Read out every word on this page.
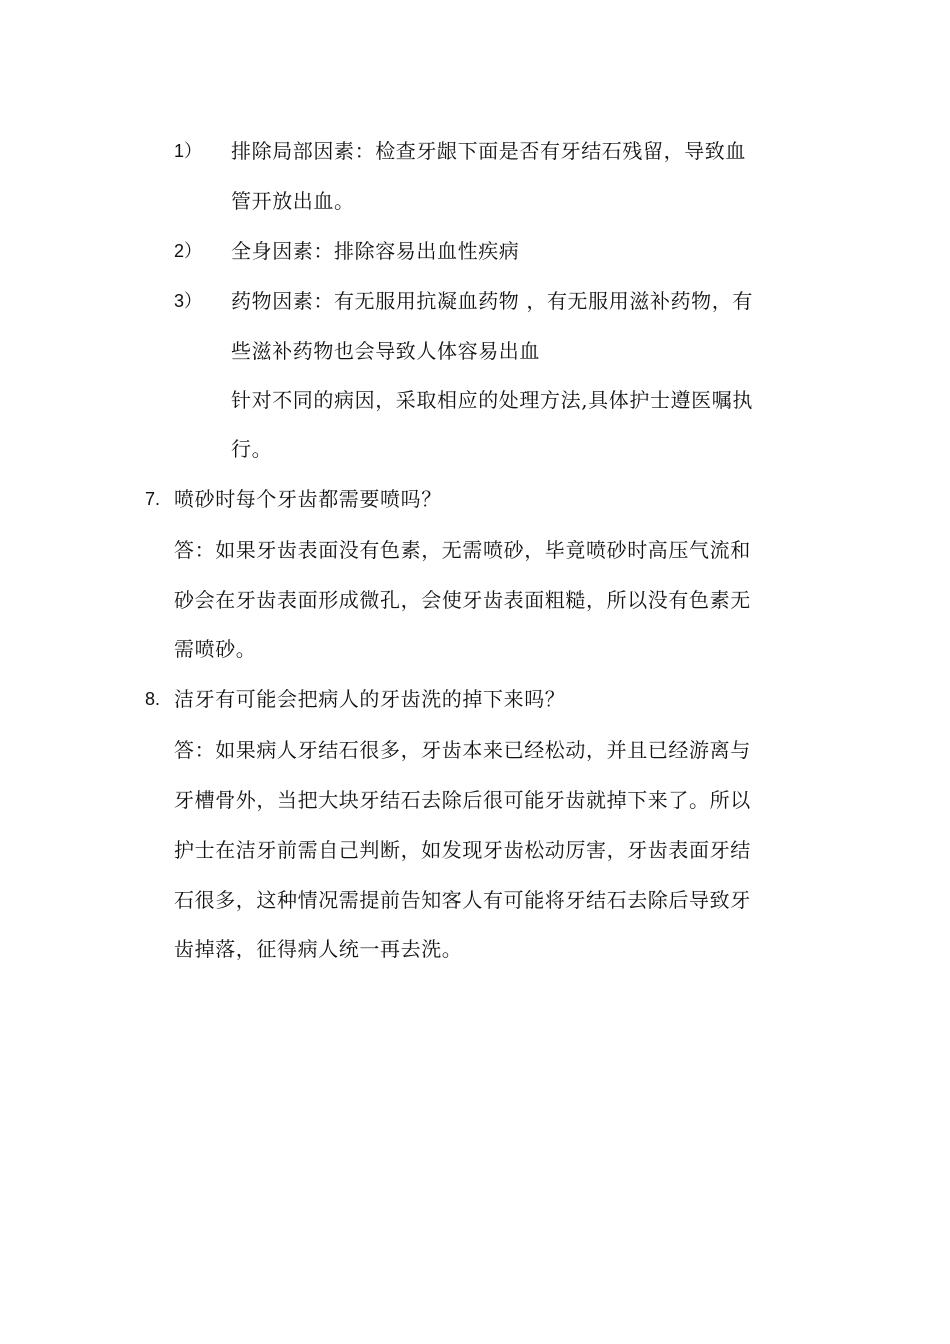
1） 排除局部因素：检查牙龈下面是否有牙结石残留，导致血
管开放出血。
2） 全身因素：排除容易出血性疾病
3） 药物因素：有无服用抗凝血药物 ，有无服用滋补药物，有
些滋补药物也会导致人体容易出血
针对不同的病因，采取相应的处理方法,具体护士遵医嘱执
行。
7. 喷砂时每个牙齿都需要喷吗？
答：如果牙齿表面没有色素，无需喷砂，毕竟喷砂时高压气流和
砂会在牙齿表面形成微孔，会使牙齿表面粗糙，所以没有色素无
需喷砂。
8. 洁牙有可能会把病人的牙齿洗的掉下来吗？
答：如果病人牙结石很多，牙齿本来已经松动，并且已经游离与
牙槽骨外，当把大块牙结石去除后很可能牙齿就掉下来了。所以
护士在洁牙前需自己判断，如发现牙齿松动厉害，牙齿表面牙结
石很多，这种情况需提前告知客人有可能将牙结石去除后导致牙
齿掉落，征得病人统一再去洗。
